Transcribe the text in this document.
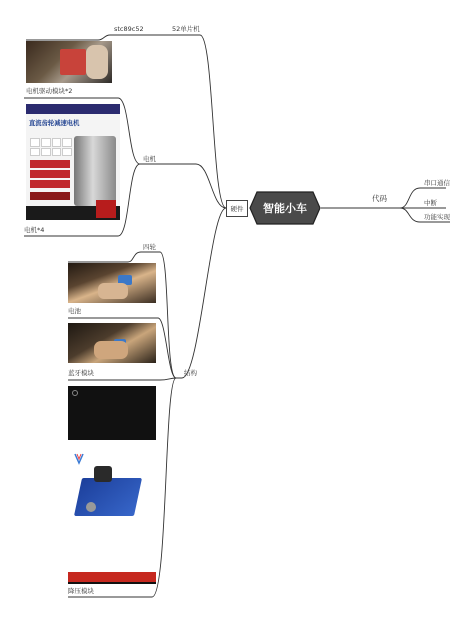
stc89c52	52单片机
电机驱动模块*2
电机
电机*4
四轮
电池
蓝牙模块	结构
降压模块
代码
串口通信
中断
功能实现
硬件	智能小车
直流齿轮减速电机
